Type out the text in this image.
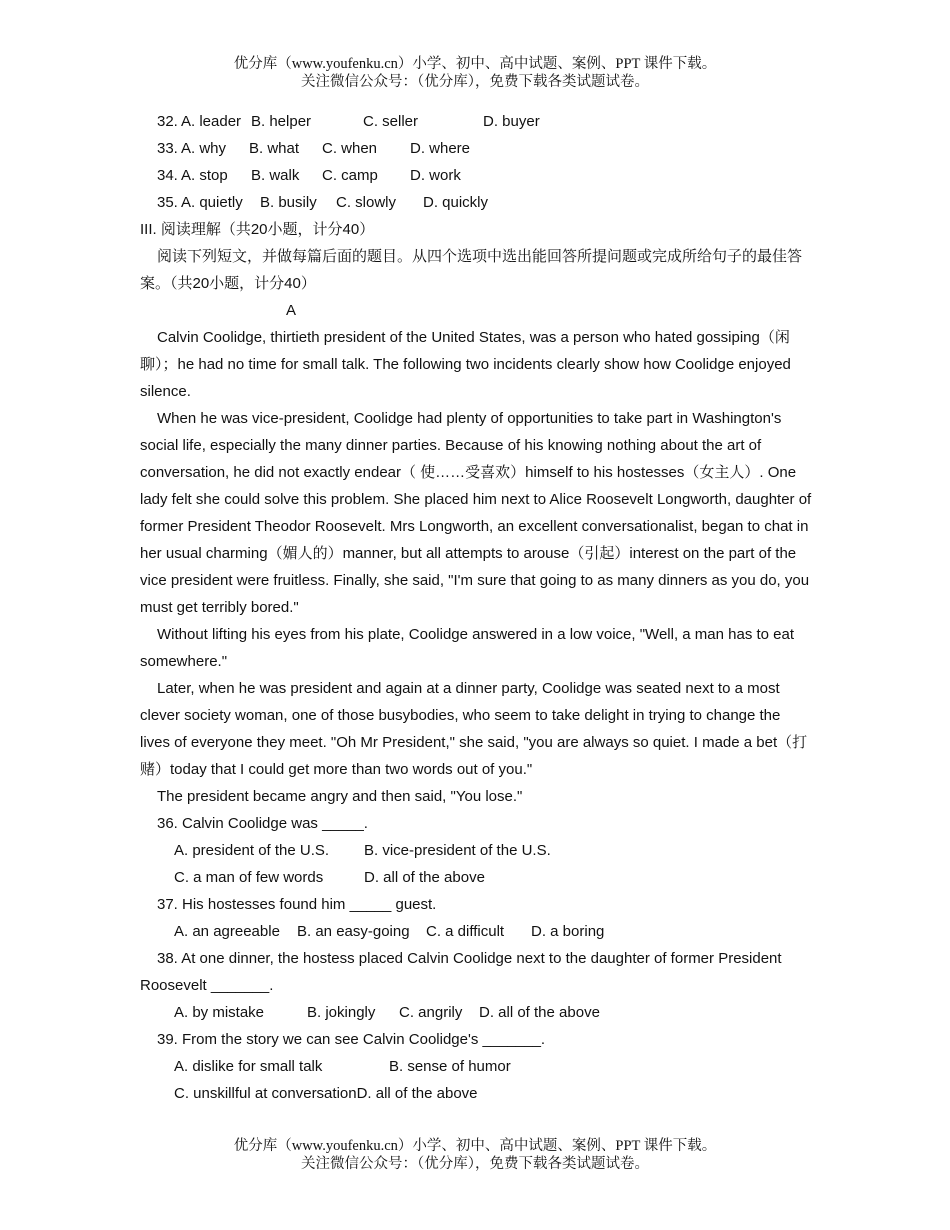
优分库（www.youfenku.cn）小学、初中、高中试题、案例、PPT 课件下载。
关注微信公众号：（优分库），免费下载各类试题试卷。
32. A. leader B. helper	C. seller	D. buyer
33. A. why B. what C. when D. where
34. A. stop B. walk C. camp D. work
35. A. quietly B. busily C. slowly D. quickly
III. 阅读理解（共20小题，计分40）
阅读下列短文，并做每篇后面的题目。从四个选项中选出能回答所提问题或完成所给句子的最佳答案。（共20小题，计分40）
A
Calvin Coolidge, thirtieth president of the United States, was a person who hated gossiping（闲聊）；he had no time for small talk. The following two incidents clearly show how Coolidge enjoyed silence.
When he was vice-president, Coolidge had plenty of opportunities to take part in Washington's social life, especially the many dinner parties. Because of his knowing nothing about the art of conversation, he did not exactly endear（ 使……受喜欢）himself to his hostesses（女主人）. One lady felt she could solve this problem. She placed him next to Alice Roosevelt Longworth, daughter of former President Theodor Roosevelt. Mrs Longworth, an excellent conversationalist, began to chat in her usual charming（媚人的）manner, but all attempts to arouse（引起）interest on the part of the vice president were fruitless. Finally, she said, "I'm sure that going to as many dinners as you do, you must get terribly bored."
Without lifting his eyes from his plate, Coolidge answered in a low voice, "Well, a man has to eat somewhere."
Later, when he was president and again at a dinner party, Coolidge was seated next to a most clever society woman, one of those busybodies, who seem to take delight in trying to change the lives of everyone they meet. "Oh Mr President," she said, "you are always so quiet. I made a bet（打赌）today that I could get more than two words out of you."
The president became angry and then said, "You lose."
36. Calvin Coolidge was _____.
A. president of the U.S. B. vice-president of the U.S.
C. a man of few words	D. all of the above
37. His hostesses found him _____ guest.
A. an agreeable B. an easy-going C. a difficult D. a boring
38. At one dinner, the hostess placed Calvin Coolidge next to the daughter of former President Roosevelt _______.
A. by mistake	B. jokingly C. angrily D. all of the above
39. From the story we can see Calvin Coolidge's _______.
A. dislike for small talk	B. sense of humor
C. unskillful at conversationD. all of the above
优分库（www.youfenku.cn）小学、初中、高中试题、案例、PPT 课件下载。
关注微信公众号：（优分库），免费下载各类试题试卷。
